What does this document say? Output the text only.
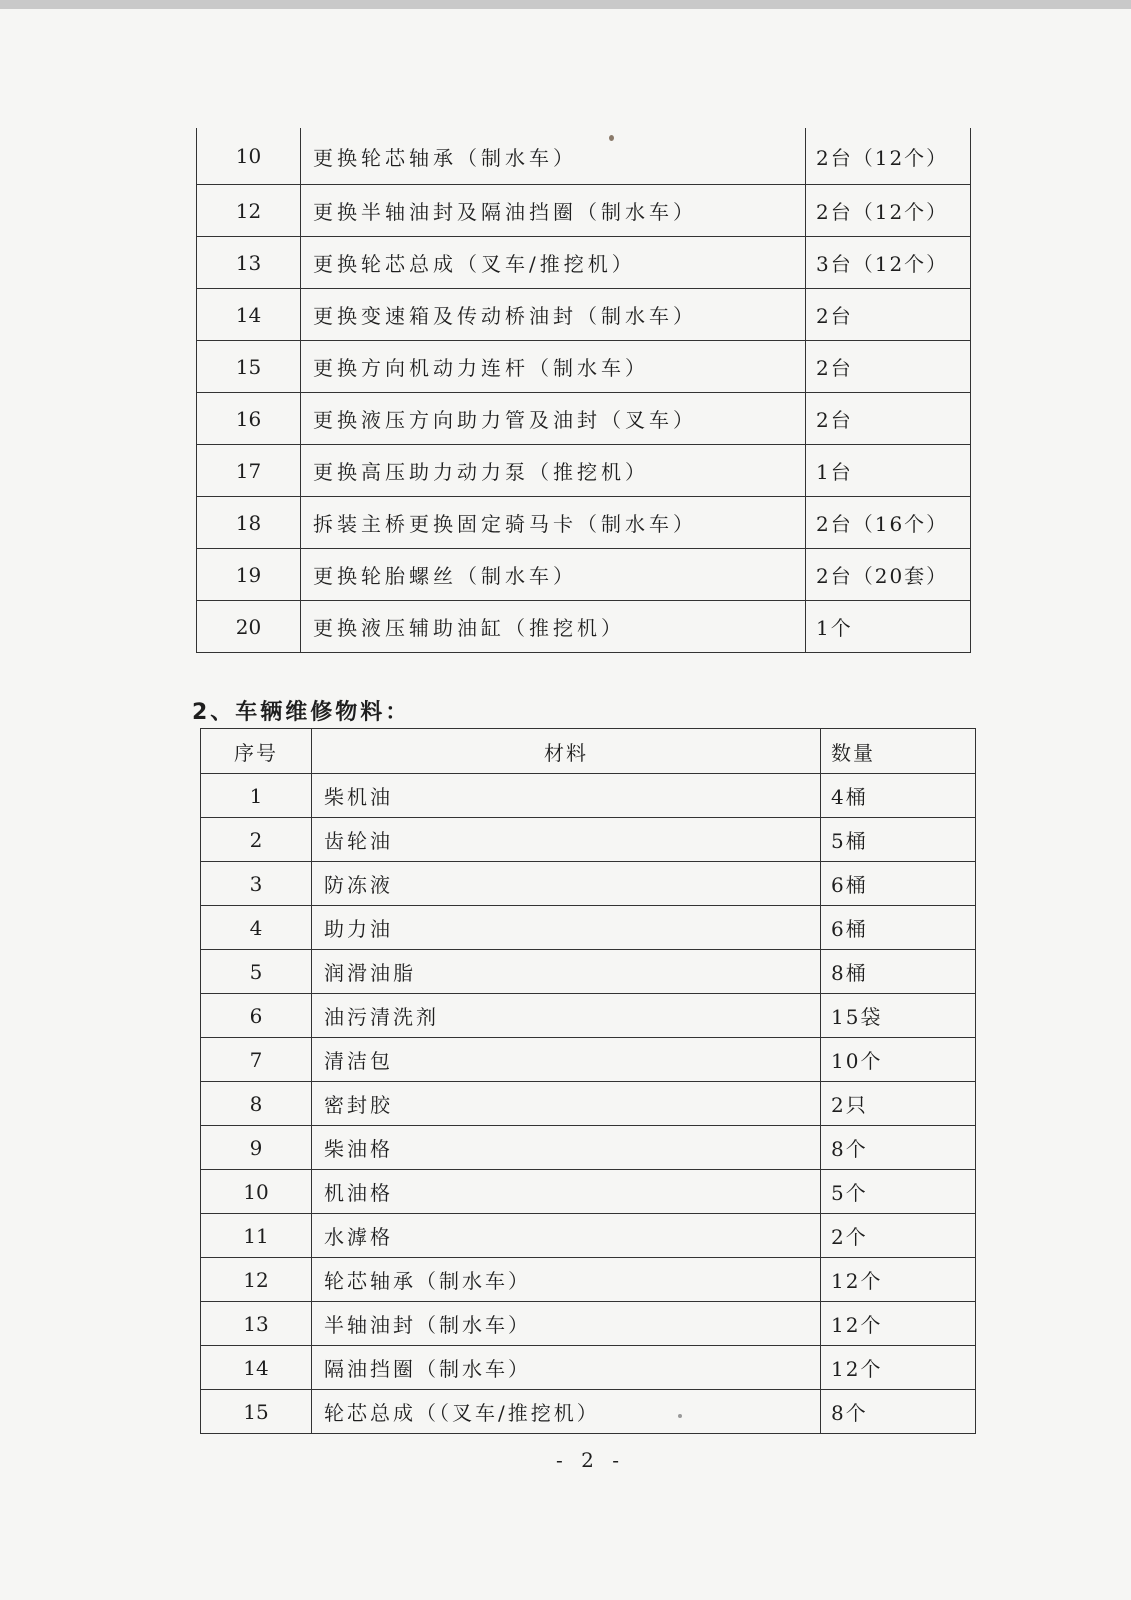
10	更换轮芯轴承（制水车）	2台（12个）
12	更换半轴油封及隔油挡圈（制水车）	2台（12个）
13	更换轮芯总成（叉车/推挖机）	3台（12个）
14	更换变速箱及传动桥油封（制水车）	2台
15	更换方向机动力连杆（制水车）	2台
16	更换液压方向助力管及油封（叉车）	2台
17	更换高压助力动力泵（推挖机）	1台
18	拆装主桥更换固定骑马卡（制水车）	2台（16个）
19	更换轮胎螺丝（制水车）	2台（20套）
20	更换液压辅助油缸（推挖机）	1个
2、车辆维修物料：
序号	材料	数量
1	柴机油	4桶
2	齿轮油	5桶
3	防冻液	6桶
4	助力油	6桶
5	润滑油脂	8桶
6	油污清洗剂	15袋
7	清洁包	10个
8	密封胶	2只
9	柴油格	8个
10	机油格	5个
11	水滹格	2个
12	轮芯轴承（制水车）	12个
13	半轴油封（制水车）	12个
14	隔油挡圈（制水车）	12个
15	轮芯总成（（叉车/推挖机）	8个
- 2 -
